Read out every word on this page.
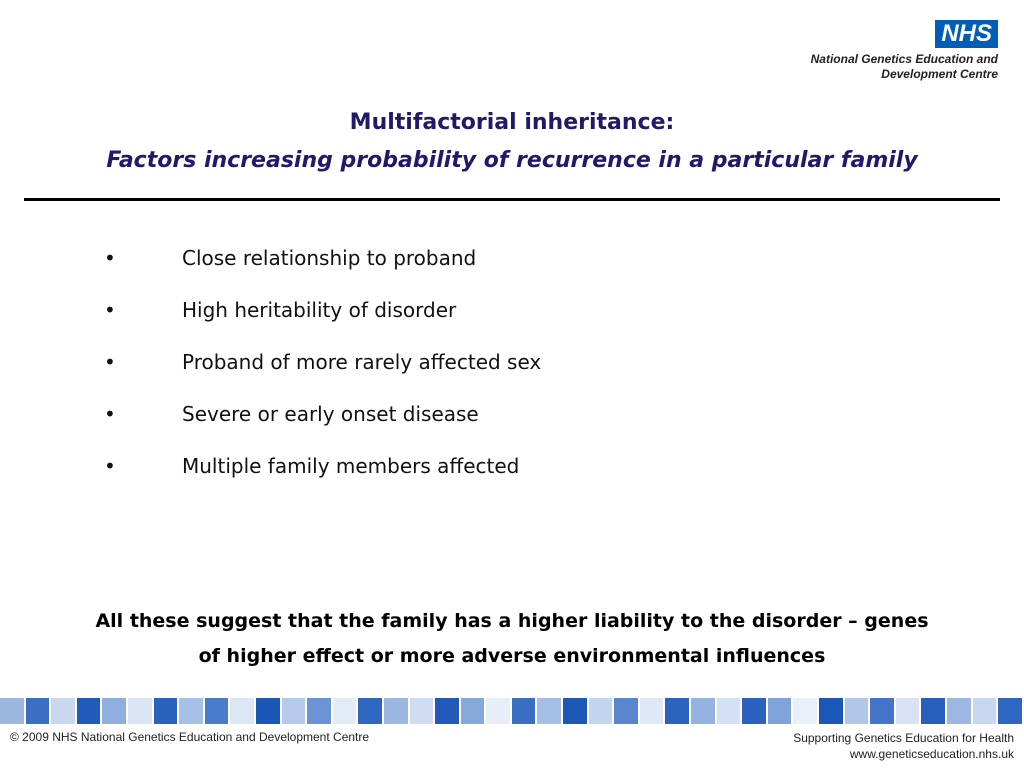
NHS
National Genetics Education and
Development Centre
Multifactorial inheritance:
Factors increasing probability of recurrence in a particular family
•	Close relationship to proband
•	High heritability of disorder
•	Proband of more rarely affected sex
•	Severe or early onset disease
•	Multiple family members affected
All these suggest that the family has a higher liability to the disorder – genes
of higher effect or more adverse environmental influences
© 2009 NHS National Genetics Education and Development Centre	Supporting Genetics Education for Health
www.geneticseducation.nhs.uk
